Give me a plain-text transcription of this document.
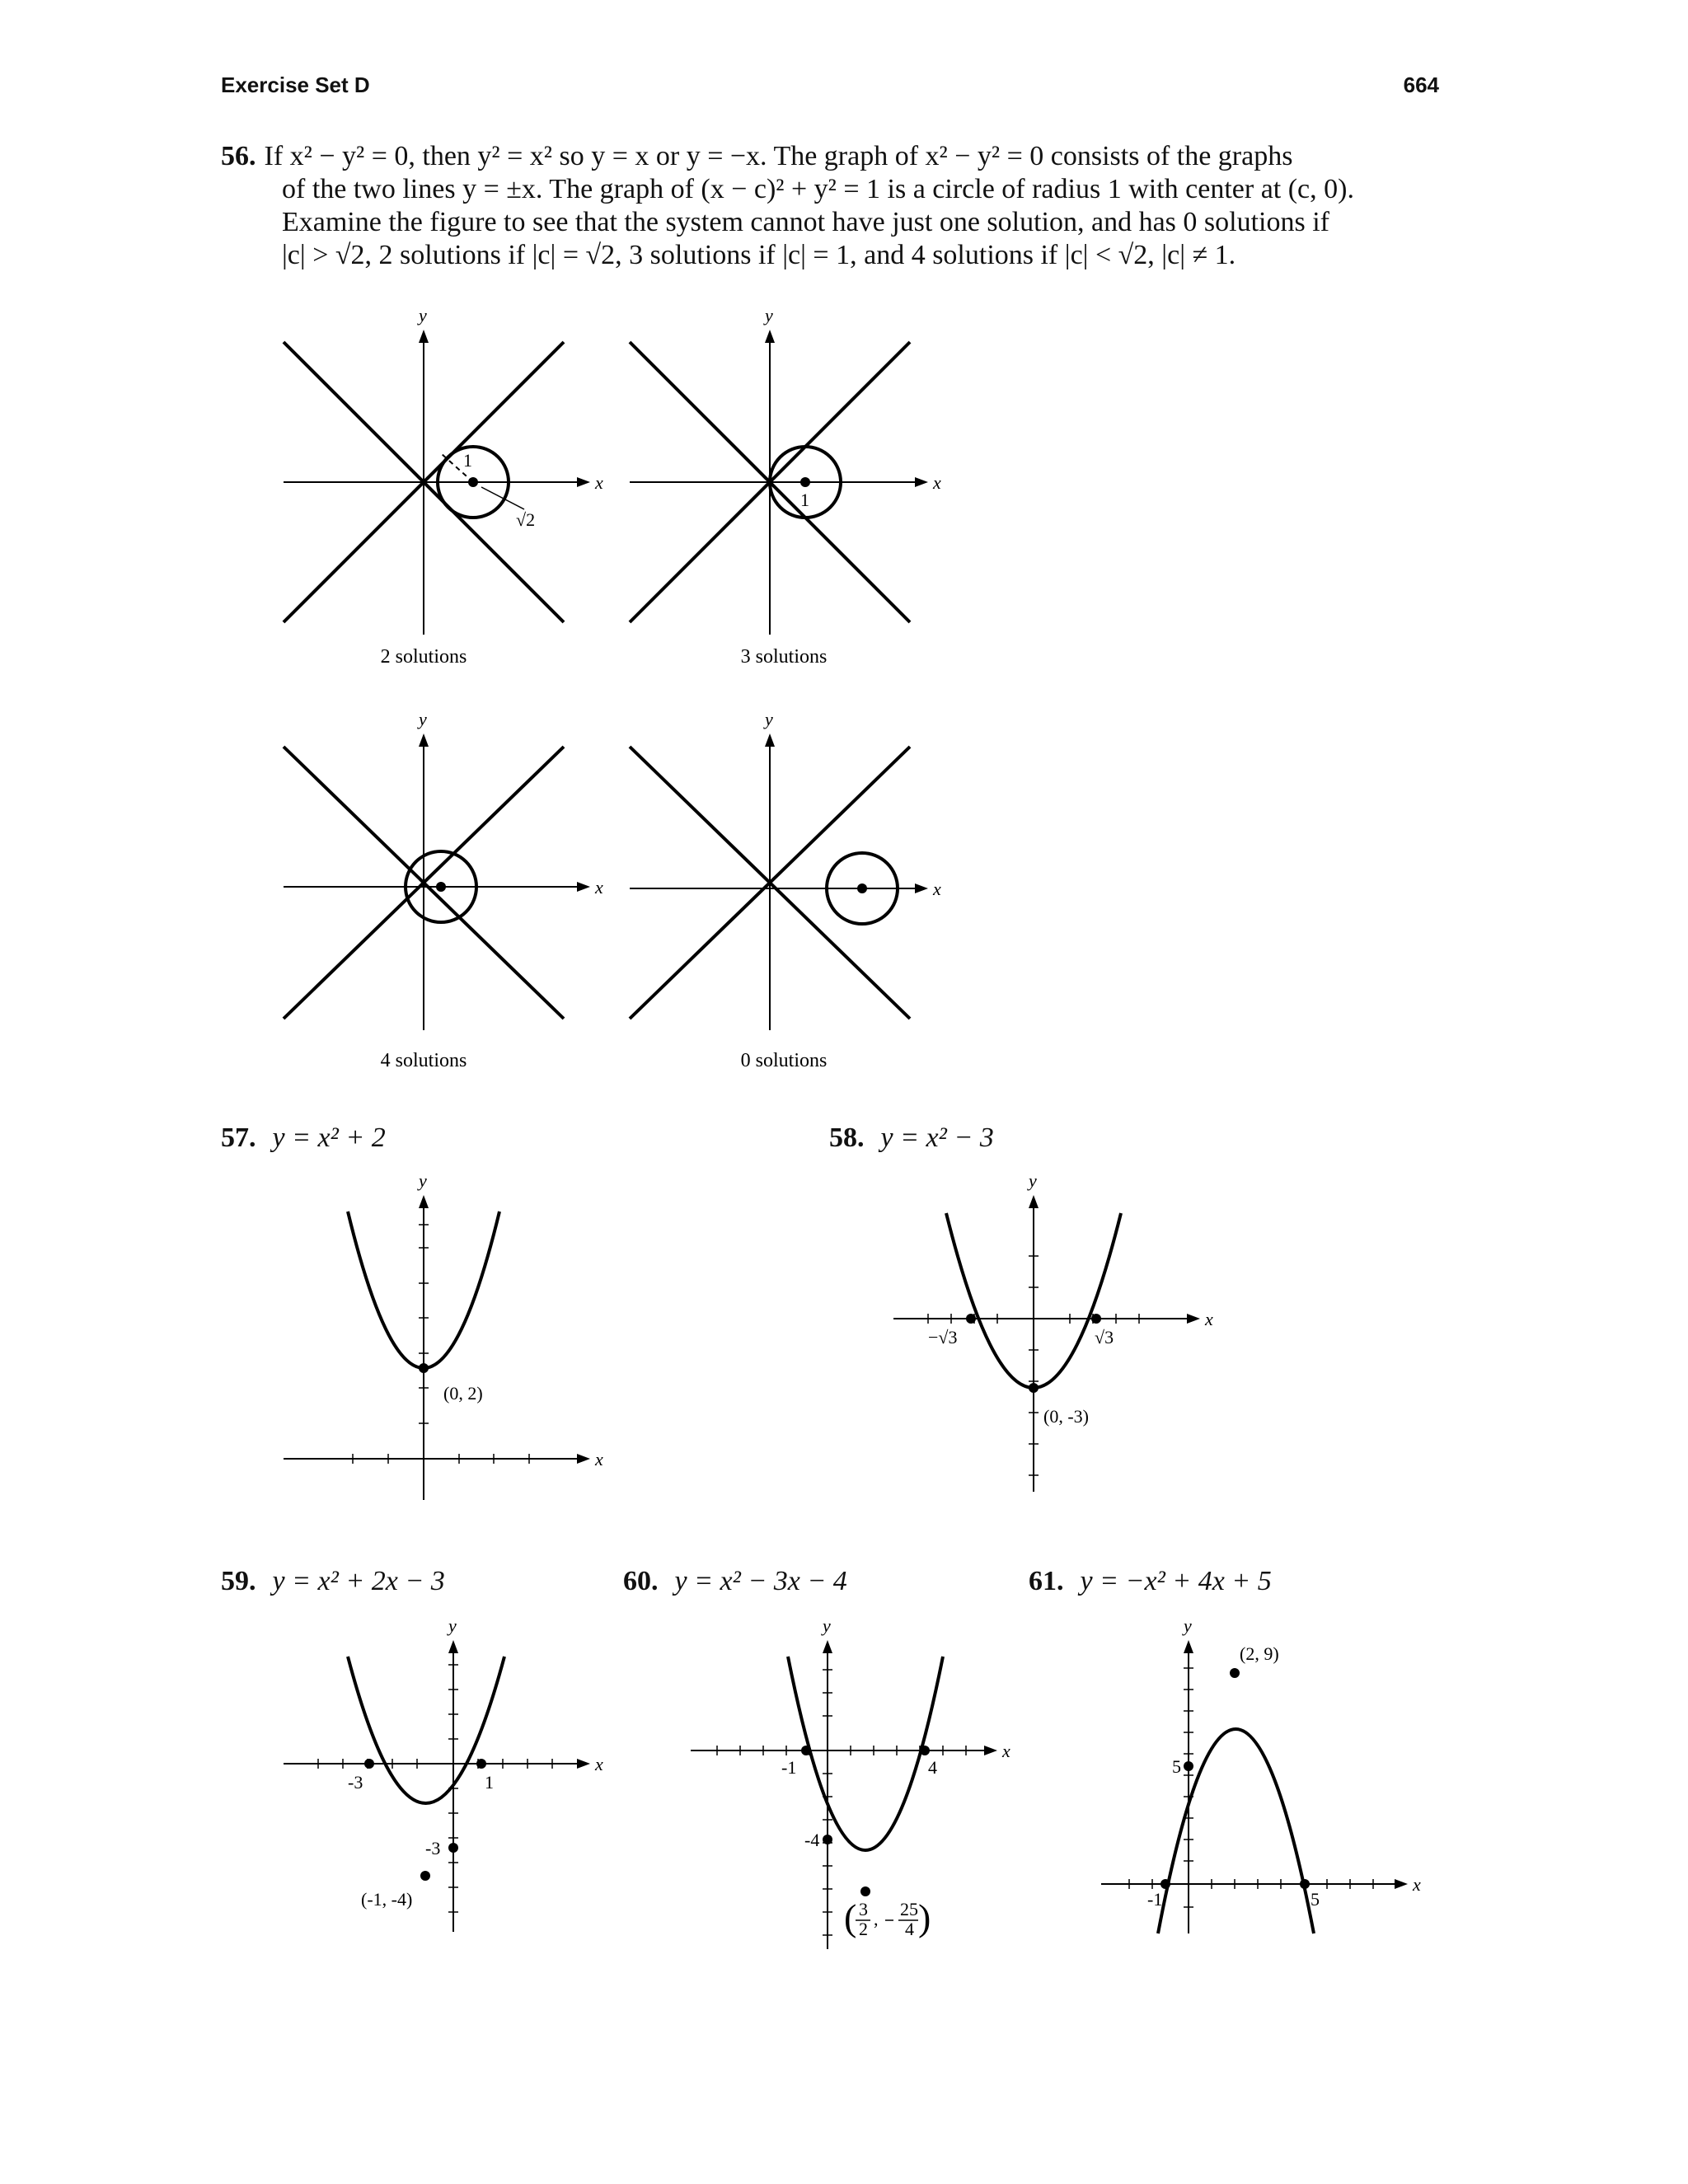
Exercise Set D	664
56. If x² − y² = 0, then y² = x² so y = x or y = −x. The graph of x² − y² = 0 consists of the graphs
of the two lines y = ±x. The graph of (x − c)² + y² = 1 is a circle of radius 1 with center at (c, 0).
Examine the figure to see that the system cannot have just one solution, and has 0 solutions if
|c| > √2, 2 solutions if |c| = √2, 3 solutions if |c| = 1, and 4 solutions if |c| < √2, |c| ≠ 1.
y
x
1
√2
2 solutions
y
x
1
3 solutions
y
x
4 solutions
y
x
0 solutions
57. y = x² + 2	58. y = x² − 3
y
x
(0, 2)
y
x
−√3	√3
(0, -3)
59. y = x² + 2x − 3	60. y = x² − 3x − 4	61. y = −x² + 4x + 5
y
x
-3	1
-3
(-1, -4)
y
x
-1	4
-4
( 3
2 , 25
4 )
y
x
(2, 9)
5
-1	5
